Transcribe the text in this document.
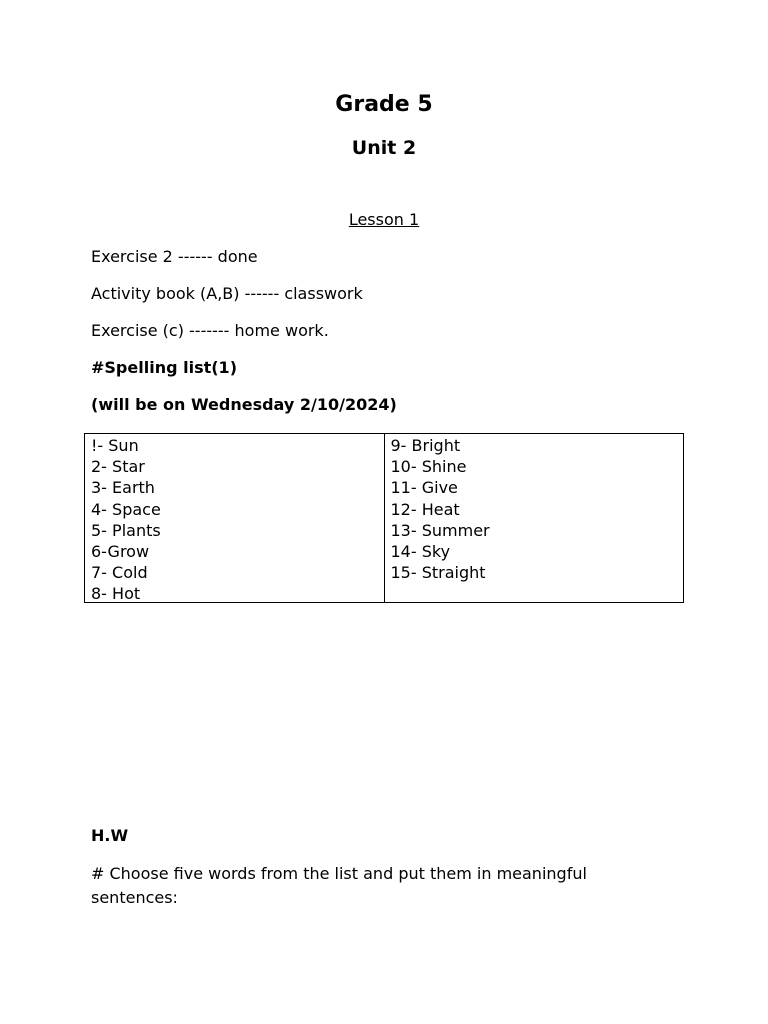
Grade 5
Unit 2
Lesson 1
Exercise 2 ------ done
Activity book (A,B) ------ classwork
Exercise (c) ------- home work.
#Spelling list(1)
(will be on Wednesday 2/10/2024)
!- Sun
2- Star
3- Earth
4- Space
5- Plants
6-Grow
7- Cold
8- Hot
9- Bright
10- Shine
11- Give
12- Heat
13- Summer
14- Sky
15- Straight
H.W
# Choose five words from the list and put them in meaningful sentences:
